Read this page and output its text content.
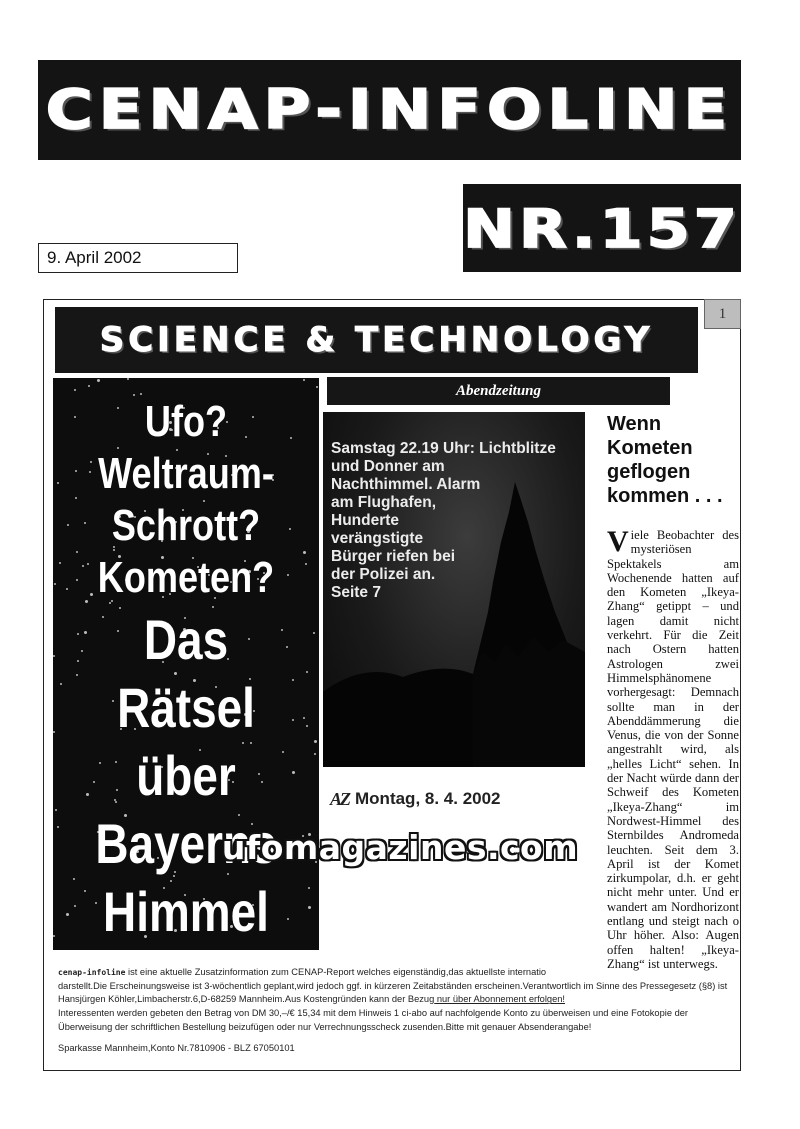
CENAP-INFOLINE
NR.157
9. April 2002
1
SCIENCE & TECHNOLOGY
Ufo?
Weltraum-
Schrott?
Kometen?
Das
Rätsel
über
Bayerns
Himmel
Abendzeitung
Samstag 22.19 Uhr: Lichtblitze
und Donner am
Nachthimmel. Alarm
am Flughafen,
Hunderte
verängstigte
Bürger riefen bei
der Polizei an.
Seite 7
AZ Montag, 8. 4. 2002
Wenn
Kometen
geflogen
kommen . . .
Viele Beobachter des mysteriösen Spektakels am Wochenende hatten auf den Kometen „Ikeya-Zhang“ getippt – und lagen damit nicht verkehrt. Für die Zeit nach Ostern hatten Astrologen zwei Himmelsphänomene vorhergesagt: Demnach sollte man in der Abenddämmerung die Venus, die von der Sonne angestrahlt wird, als „helles Licht“ sehen. In der Nacht würde dann der Schweif des Kometen „Ikeya-Zhang“ im Nordwest-Himmel des Sternbildes Andromeda leuchten. Seit dem 3. April ist der Komet zirkumpolar, d.h. er geht nicht mehr unter. Und er wandert am Nordhorizont entlang und steigt nach o Uhr höher. Also: Augen offen halten! „Ikeya-Zhang“ ist unterwegs.
ufomagazines.com
cenap-infoline ist eine aktuelle Zusatzinformation zum CENAP-Report welches eigenständig,das aktuellste internatio
darstellt.Die Erscheinungsweise ist 3-wöchentlich geplant,wird jedoch ggf. in kürzeren Zeitabständen erscheinen.Verantwortlich im Sinne des Pressegesetz (§8) ist Hansjürgen Köhler,Limbacherstr.6,D-68259 Mannheim.Aus Kostengründen kann der Bezug nur über Abonnement erfolgen!
Interessenten werden gebeten den Betrag von DM 30,–/€ 15,34 mit dem Hinweis 1 ci-abo auf nachfolgende Konto zu überweisen und eine Fotokopie der Überweisung der schriftlichen Bestellung beizufügen oder nur Verrechnungsscheck zusenden.Bitte mit genauer Absenderangabe!
Sparkasse Mannheim,Konto Nr.7810906 - BLZ 67050101
